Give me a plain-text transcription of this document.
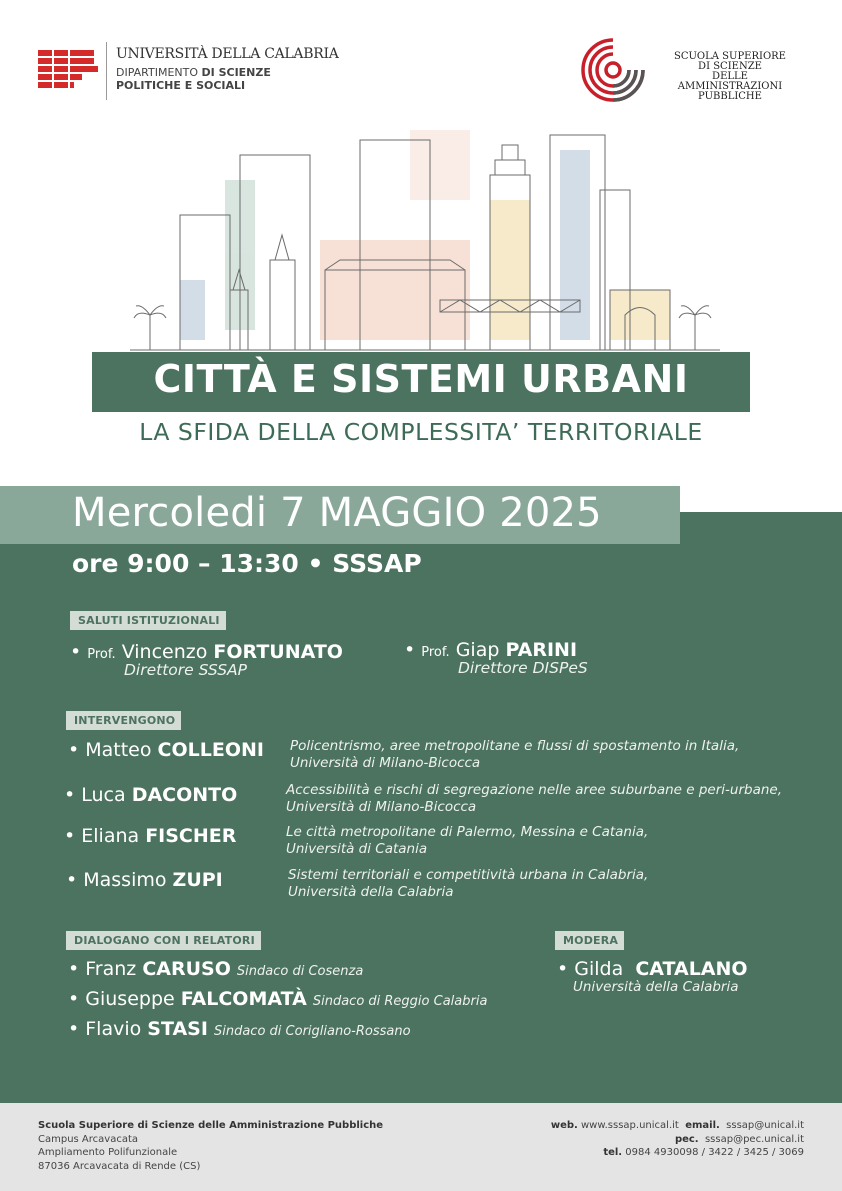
UNIVERSITÀ DELLA CALABRIA
DIPARTIMENTO DI SCIENZE
POLITICHE E SOCIALI
SCUOLA SUPERIORE
DI SCIENZE
DELLE AMMINISTRAZIONI
PUBBLICHE
CITTÀ E SISTEMI URBANI
LA SFIDA DELLA COMPLESSITA’ TERRITORIALE
Mercoledi 7 MAGGIO 2025
ore 9:00 – 13:30 • SSSAP
SALUTI ISTITUZIONALI
• Prof. Vincenzo FORTUNATO
Direttore SSSAP
• Prof. Giap PARINI
Direttore DISPeS
INTERVENGONO
• Matteo COLLEONI Policentrismo, aree metropolitane e flussi di spostamento in Italia,
Università di Milano-Bicocca
• Luca DACONTO	Accessibilità e rischi di segregazione nelle aree suburbane e peri-urbane,
Università di Milano-Bicocca
• Eliana FISCHER	Le città metropolitane di Palermo, Messina e Catania,
Università di Catania
• Massimo ZUPI	Sistemi territoriali e competitività urbana in Calabria,
Università della Calabria
DIALOGANO CON I RELATORI
• Franz CARUSO Sindaco di Cosenza
• Giuseppe FALCOMATÀ Sindaco di Reggio Calabria
• Flavio STASI Sindaco di Corigliano-Rossano
MODERA
• Gilda CATALANO
Università della Calabria
Scuola Superiore di Scienze delle Amministrazione Pubbliche
Campus Arcavacata
Ampliamento Polifunzionale
87036 Arcavacata di Rende (CS)
web. www.sssap.unical.it email. sssap@unical.it
pec. sssap@pec.unical.it
tel. 0984 4930098 / 3422 / 3425 / 3069
